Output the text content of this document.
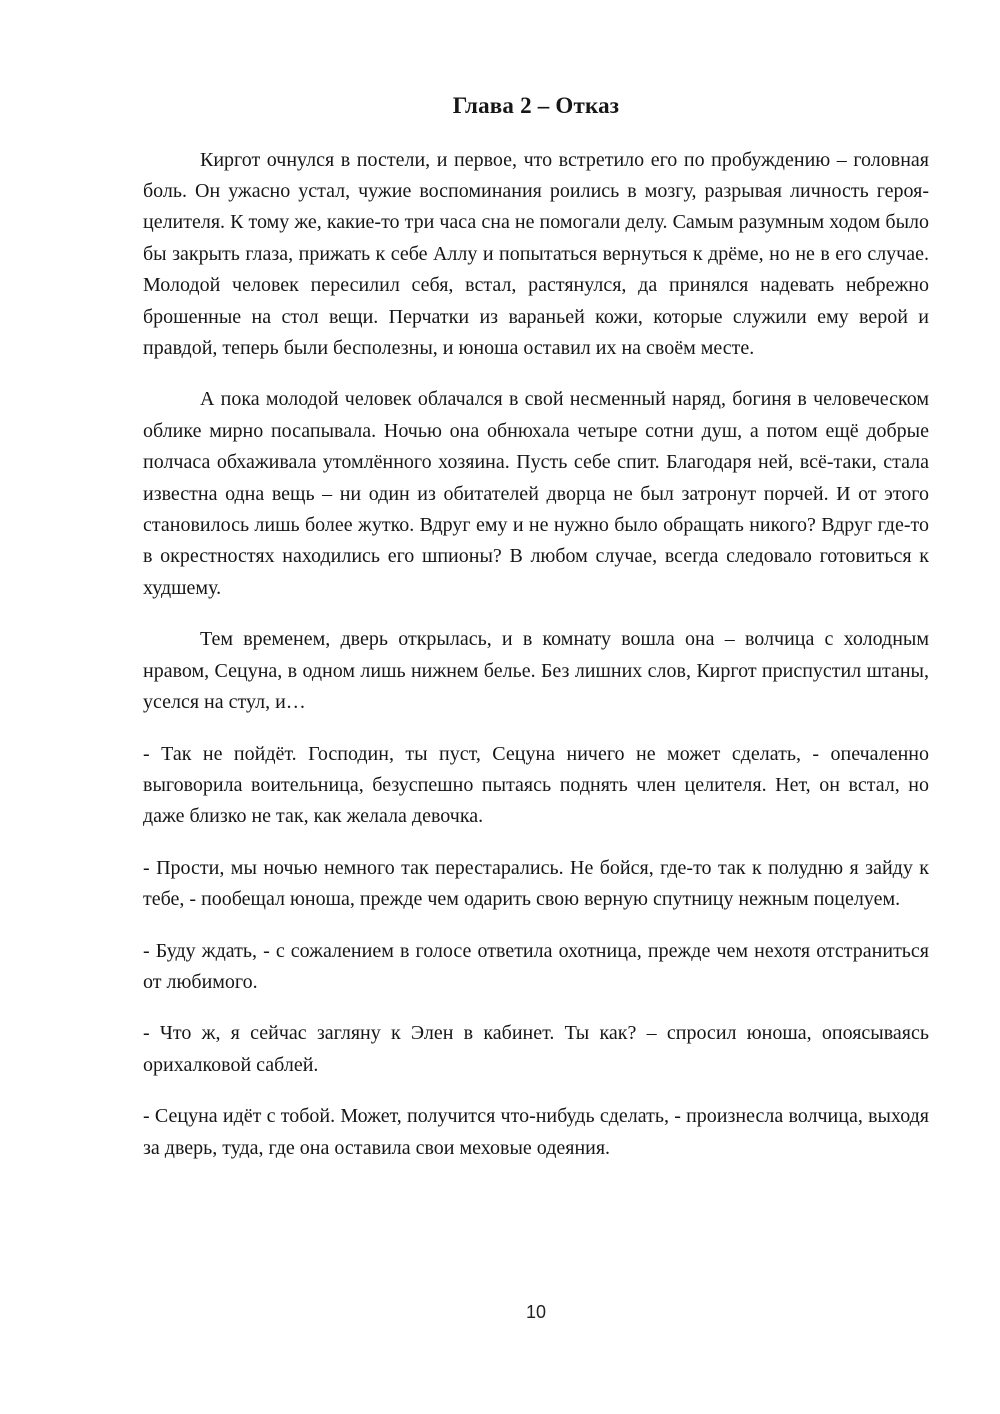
Глава 2 – Отказ

Киргот очнулся в постели, и первое, что встретило его по пробуждению – головная боль. Он ужасно устал, чужие воспоминания роились в мозгу, разрывая личность героя-целителя. К тому же, какие-то три часа сна не помогали делу. Самым разумным ходом было бы закрыть глаза, прижать к себе Аллу и попытаться вернуться к дрёме, но не в его случае. Молодой человек пересилил себя, встал, растянулся, да принялся надевать небрежно брошенные на стол вещи. Перчатки из вараньей кожи, которые служили ему верой и правдой, теперь были бесполезны, и юноша оставил их на своём месте.

А пока молодой человек облачался в свой несменный наряд, богиня в человеческом облике мирно посапывала. Ночью она обнюхала четыре сотни душ, а потом ещё добрые полчаса обхаживала утомлённого хозяина. Пусть себе спит. Благодаря ней, всё-таки, стала известна одна вещь – ни один из обитателей дворца не был затронут порчей. И от этого становилось лишь более жутко. Вдруг ему и не нужно было обращать никого? Вдруг где-то в окрестностях находились его шпионы? В любом случае, всегда следовало готовиться к худшему.

Тем временем, дверь открылась, и в комнату вошла она – волчица с холодным нравом, Сецуна, в одном лишь нижнем белье. Без лишних слов, Киргот приспустил штаны, уселся на стул, и…

- Так не пойдёт. Господин, ты пуст, Сецуна ничего не может сделать, - опечаленно выговорила воительница, безуспешно пытаясь поднять член целителя. Нет, он встал, но даже близко не так, как желала девочка.

- Прости, мы ночью немного так перестарались. Не бойся, где-то так к полудню я зайду к тебе, - пообещал юноша, прежде чем одарить свою верную спутницу нежным поцелуем.

- Буду ждать, - с сожалением в голосе ответила охотница, прежде чем нехотя отстраниться от любимого.

- Что ж, я сейчас загляну к Элен в кабинет. Ты как? – спросил юноша, опоясываясь орихалковой саблей.

- Сецуна идёт с тобой. Может, получится что-нибудь сделать, - произнесла волчица, выходя за дверь, туда, где она оставила свои меховые одеяния.

10
